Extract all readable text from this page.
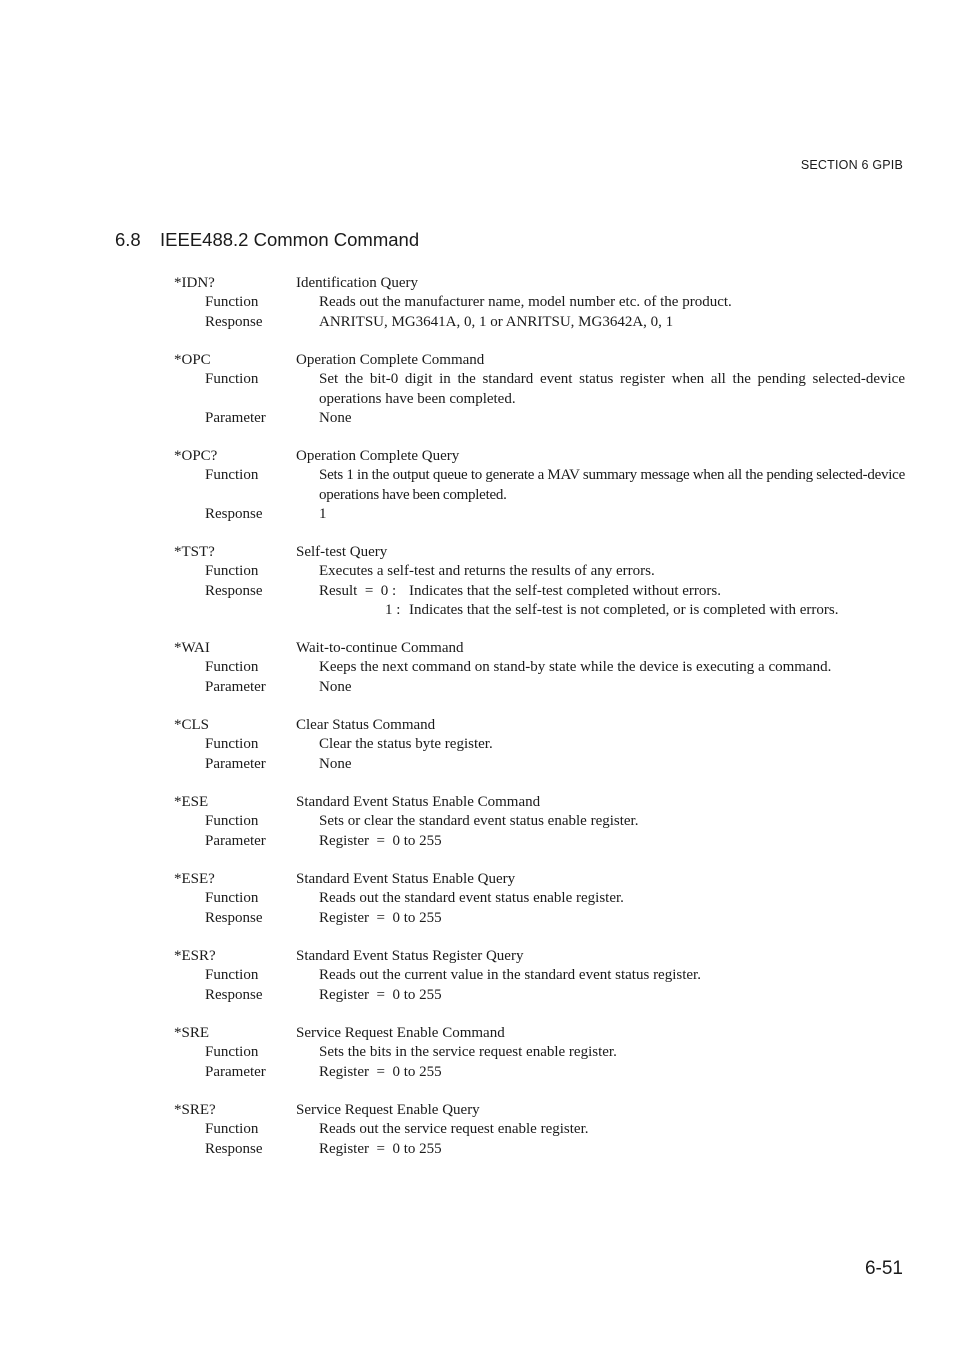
SECTION 6 GPIB
6.8 IEEE488.2 Common Command
*IDN?	Identification Query
Function	Reads out the manufacturer name, model number etc. of the product.
Response	ANRITSU, MG3641A, 0, 1 or ANRITSU, MG3642A, 0, 1
*OPC	Operation Complete Command
Function	Set the bit-0 digit in the standard event status register when all the pending selected-device operations have been completed.
Parameter	None
*OPC?	Operation Complete Query
Function	Sets 1 in the output queue to generate a MAV summary message when all the pending selected-device operations have been completed.
Response	1
*TST?	Self-test Query
Function	Executes a self-test and returns the results of any errors.
Response	Result  =  0 : Indicates that the self-test completed without errors.
1 : Indicates that the self-test is not completed, or is completed with errors.
*WAI	Wait-to-continue Command
Function	Keeps the next command on stand-by state while the device is executing a command.
Parameter	None
*CLS	Clear Status Command
Function	Clear the status byte register.
Parameter	None
*ESE	Standard Event Status Enable Command
Function	Sets or clear the standard event status enable register.
Parameter	Register  =  0 to 255
*ESE?	Standard Event Status Enable Query
Function	Reads out the standard event status enable register.
Response	Register  =  0 to 255
*ESR?	Standard Event Status Register Query
Function	Reads out the current value in the standard event status register.
Response	Register  =  0 to 255
*SRE	Service Request Enable Command
Function	Sets the bits in the service request enable register.
Parameter	Register  =  0 to 255
*SRE?	Service Request Enable Query
Function	Reads out the service request enable register.
Response	Register  =  0 to 255
6-51
